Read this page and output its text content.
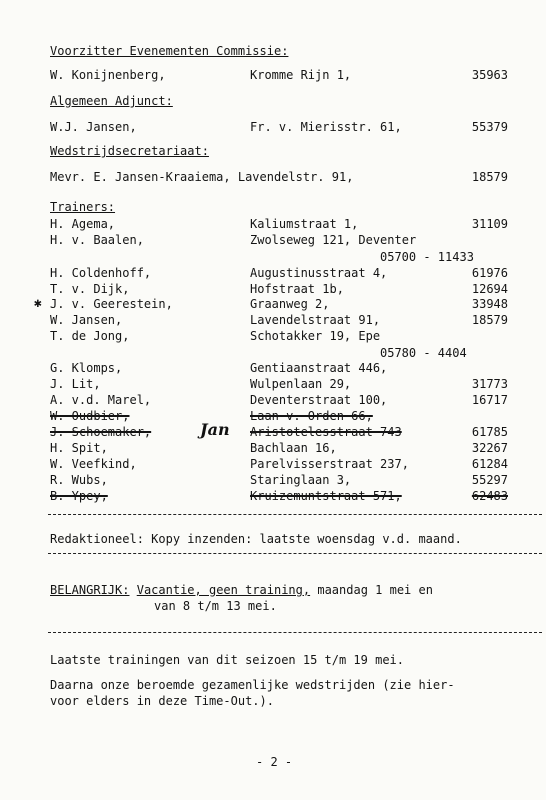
Voorzitter Evenementen Commissie:
W. Konijnenberg,	Kromme Rijn 1,	35963
Algemeen Adjunct:
W.J. Jansen,	Fr. v. Mierisstr. 61,	55379
Wedstrijdsecretariaat:
Mevr. E. Jansen-Kraaiema, Lavendelstr. 91,	18579
Trainers:
H. Agema,	Kaliumstraat 1,	31109
H. v. Baalen,	Zwolseweg 121, Deventer
05700 - 11433
H. Coldenhoff,	Augustinusstraat 4,	61976
T. v. Dijk,	Hofstraat 1b,	12694
✱ J. v. Geerestein,	Graanweg 2,	33948
W. Jansen,	Lavendelstraat 91,	18579
T. de Jong,	Schotakker 19, Epe
05780 - 4404
G. Klomps,	Gentiaanstraat 446,
J. Lit,	Wulpenlaan 29,	31773
A. v.d. Marel,	Deventerstraat 100,	16717
W. Oudbier,	Laan v. Orden 66,
J. Schoemaker,	Jan Aristotelesstraat 743	61785
H. Spit,	Bachlaan 16,	32267
W. Veefkind,	Parelvisserstraat 237,	61284
R. Wubs,	Staringlaan 3,	55297
B. Ypey,	Kruizemuntstraat 571,	62483
Redaktioneel: Kopy inzenden: laatste woensdag v.d. maand.
BELANGRIJK: Vacantie, geen training, maandag 1 mei en
van 8 t/m 13 mei.
Laatste trainingen van dit seizoen 15 t/m 19 mei.
Daarna onze beroemde gezamenlijke wedstrijden (zie hier-
voor elders in deze Time-Out.).
- 2 -
